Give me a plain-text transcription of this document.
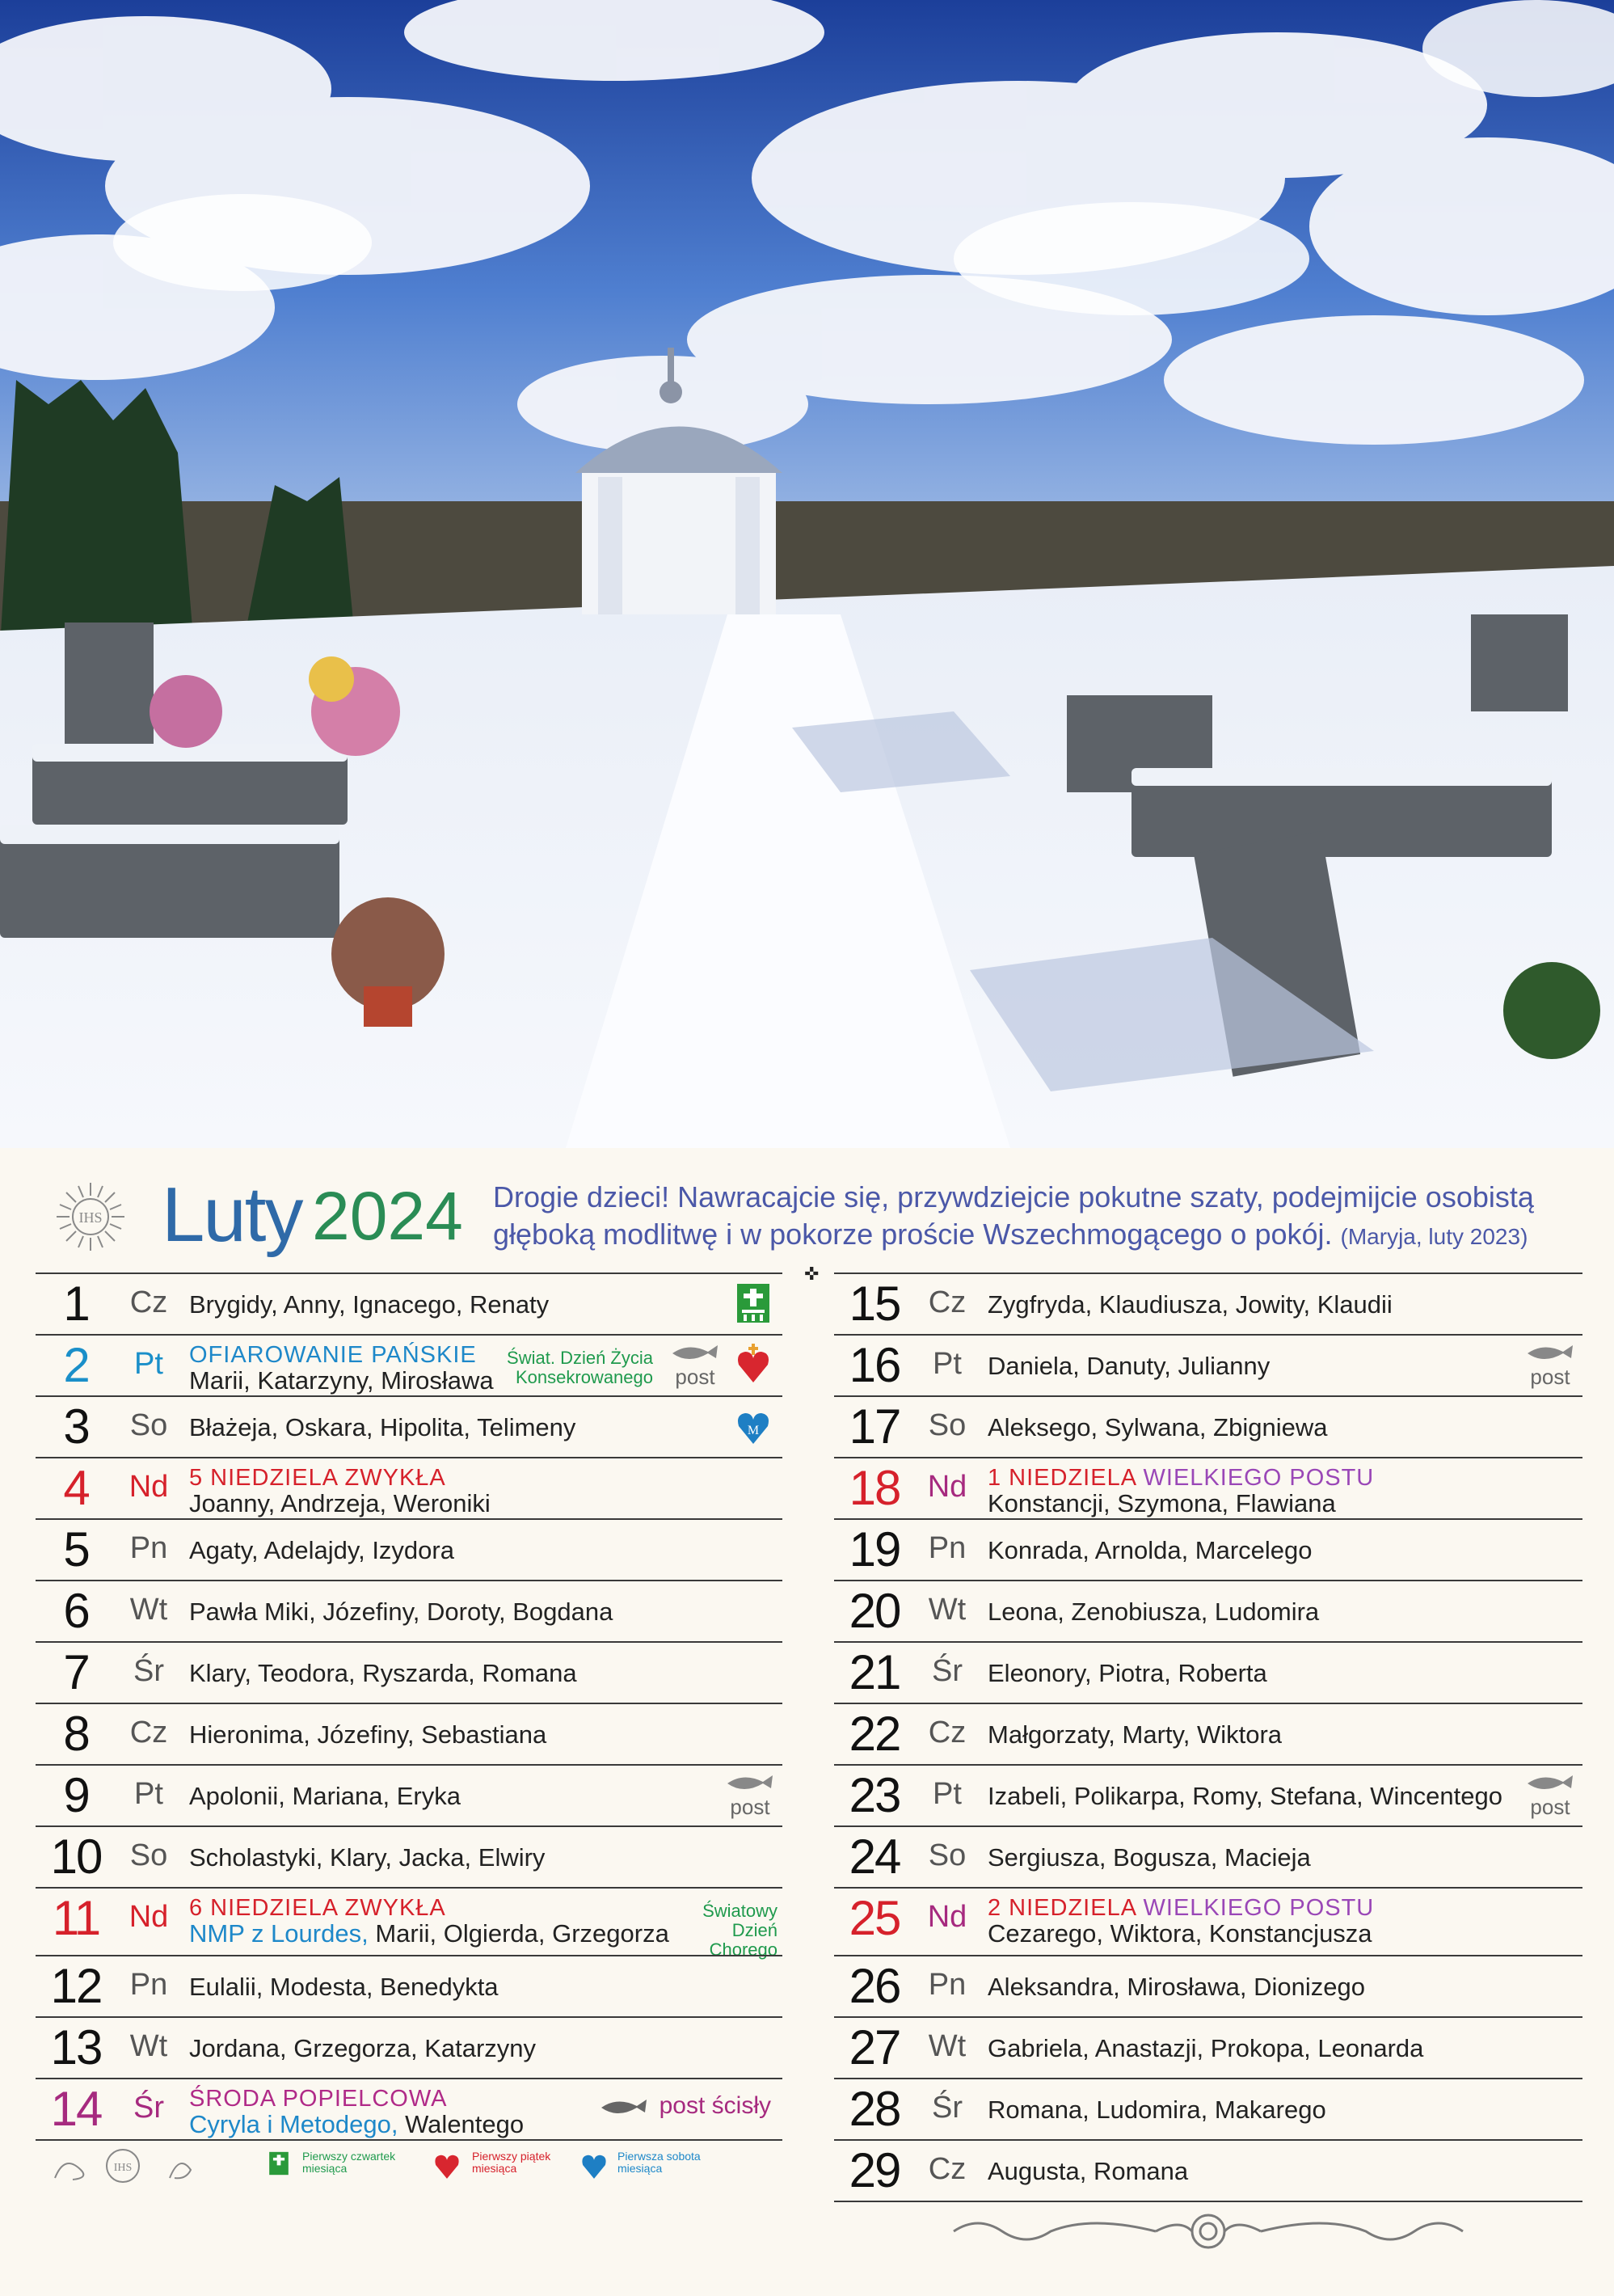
IHS Luty 2024 Drogie dzieci! Nawracajcie się, przywdziejcie pokutne szaty, podejmijcie osobistą głęboką modlitwę i w pokorze proście Wszechmogącego o pokój. (Maryja, luty 2023)
✜
1	Cz Brygidy, Anny, Ignacego, Renaty
2	Pt	OFIAROWANIE PAŃSKIE
Marii, Katarzyny, Mirosława
Świat. Dzień Życia Konsekrowanego post
3	So Błażeja, Oskara, Hipolita, Telimeny	M
4	Nd 5 NIEDZIELA ZWYKŁA
Joanny, Andrzeja, Weroniki
5	Pn Agaty, Adelajdy, Izydora
6	Wt Pawła Miki, Józefiny, Doroty, Bogdana
7	Śr	Klary, Teodora, Ryszarda, Romana
8	Cz Hieronima, Józefiny, Sebastiana
9	Pt	Apolonii, Mariana, Eryka	post
10 So Scholastyki, Klary, Jacka, Elwiry
11 Nd 6 NIEDZIELA ZWYKŁA
NMP z Lourdes, Marii, Olgierda, Grzegorza
Światowy Dzień Chorego
12 Pn Eulalii, Modesta, Benedykta
13 Wt Jordana, Grzegorza, Katarzyny
14	Śr	ŚRODA POPIELCOWA
Cyryla i Metodego, Walentego
post ścisły
15 Cz Zygfryda, Klaudiusza, Jowity, Klaudii
16	Pt	Daniela, Danuty, Julianny	post
17 So Aleksego, Sylwana, Zbigniewa
18 Nd 1 NIEDZIELA WIELKIEGO POSTU
Konstancji, Szymona, Flawiana
19 Pn Konrada, Arnolda, Marcelego
20 Wt Leona, Zenobiusza, Ludomira
21	Śr	Eleonory, Piotra, Roberta
22 Cz Małgorzaty, Marty, Wiktora
23	Pt	Izabeli, Polikarpa, Romy, Stefana, Wincentego post
24 So Sergiusza, Bogusza, Macieja
25 Nd 2 NIEDZIELA WIELKIEGO POSTU
Cezarego, Wiktora, Konstancjusza
26 Pn Aleksandra, Mirosława, Dionizego
27 Wt Gabriela, Anastazji, Prokopa, Leonarda
28	Śr	Romana, Ludomira, Makarego
29 Cz Augusta, Romana
IHS
Pierwszy czwartek miesiąca
Pierwszy piątek miesiąca
Pierwsza sobota miesiąca
